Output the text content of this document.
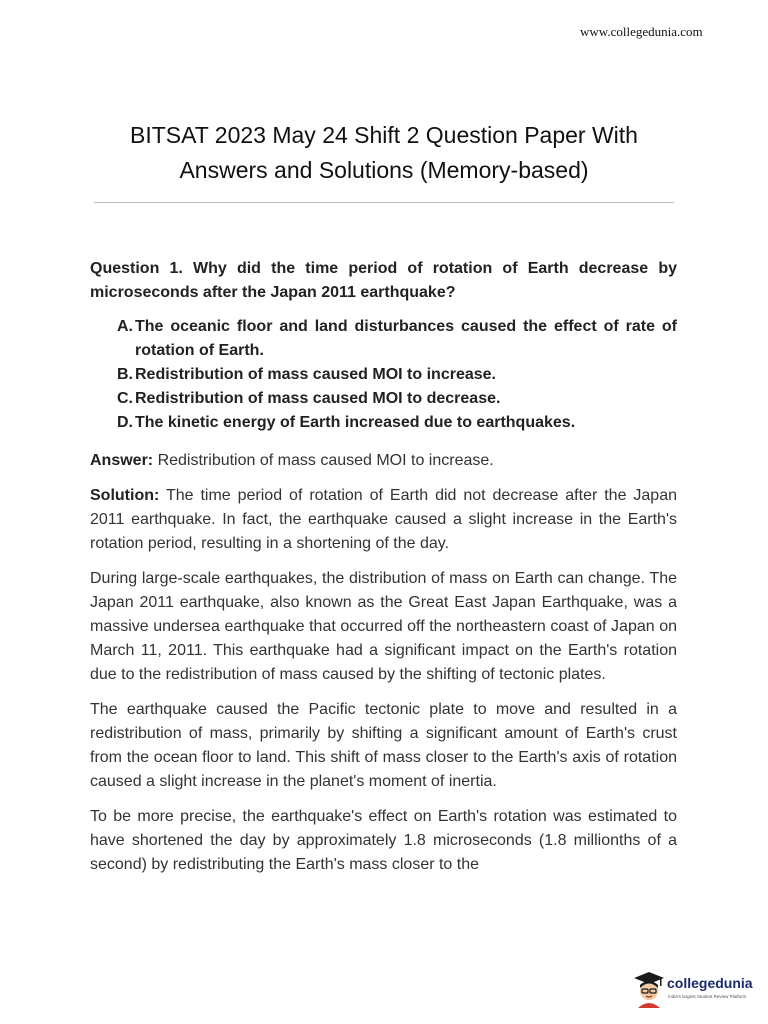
www.collegedunia.com
BITSAT 2023 May 24 Shift 2 Question Paper With
Answers and Solutions (Memory-based)
Question 1. Why did the time period of rotation of Earth decrease by microseconds after the Japan 2011 earthquake?
A. The oceanic floor and land disturbances caused the effect of rate of rotation of Earth.
B. Redistribution of mass caused MOI to increase.
C. Redistribution of mass caused MOI to decrease.
D. The kinetic energy of Earth increased due to earthquakes.

Answer: Redistribution of mass caused MOI to increase.

Solution: The time period of rotation of Earth did not decrease after the Japan 2011 earthquake. In fact, the earthquake caused a slight increase in the Earth's rotation period, resulting in a shortening of the day.

During large-scale earthquakes, the distribution of mass on Earth can change. The Japan 2011 earthquake, also known as the Great East Japan Earthquake, was a massive undersea earthquake that occurred off the northeastern coast of Japan on March 11, 2011. This earthquake had a significant impact on the Earth's rotation due to the redistribution of mass caused by the shifting of tectonic plates.

The earthquake caused the Pacific tectonic plate to move and resulted in a redistribution of mass, primarily by shifting a significant amount of Earth's crust from the ocean floor to land. This shift of mass closer to the Earth's axis of rotation caused a slight increase in the planet's moment of inertia.

To be more precise, the earthquake's effect on Earth's rotation was estimated to have shortened the day by approximately 1.8 microseconds (1.8 millionths of a second) by redistributing the Earth's mass closer to the

collegedunia
India's largest Student Review Platform
